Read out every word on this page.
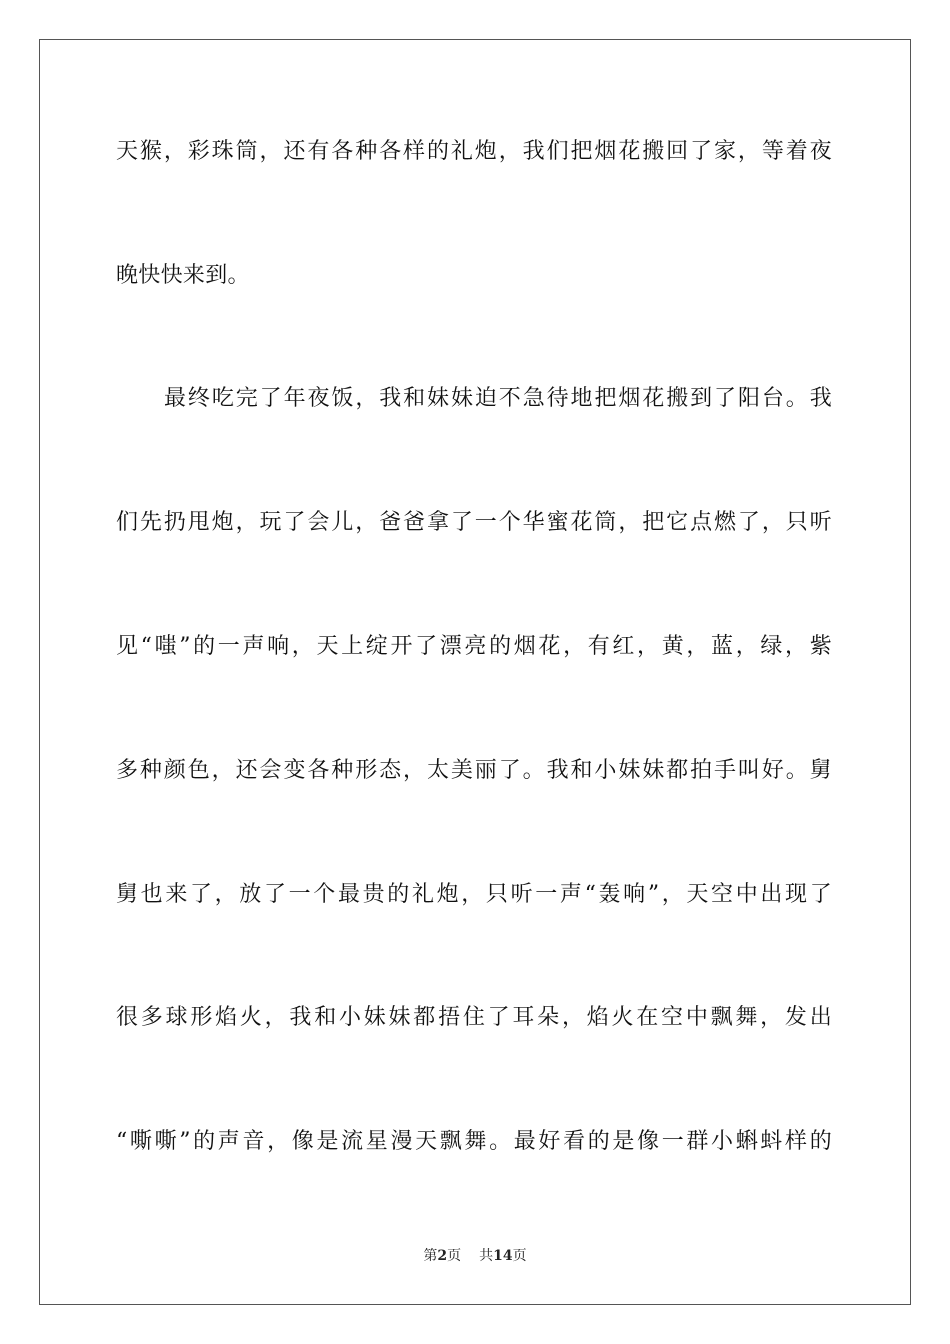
天猴，彩珠筒，还有各种各样的礼炮，我们把烟花搬回了家，等着夜
晚快快来到。
最终吃完了年夜饭，我和妹妹迫不急待地把烟花搬到了阳台。我
们先扔甩炮，玩了会儿，爸爸拿了一个华蜜花筒，把它点燃了，只听
见“嗤”的一声响，天上绽开了漂亮的烟花，有红，黄，蓝，绿，紫
多种颜色，还会变各种形态，太美丽了。我和小妹妹都拍手叫好。舅
舅也来了，放了一个最贵的礼炮，只听一声“轰响”，天空中出现了
很多球形焰火，我和小妹妹都捂住了耳朵，焰火在空中飘舞，发出
“嘶嘶”的声音，像是流星漫天飘舞。最好看的是像一群小蝌蚪样的
第2页 共14页
